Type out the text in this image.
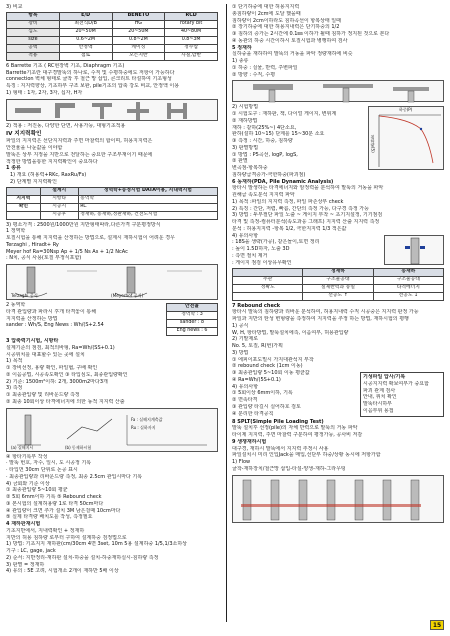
3) 비교
항목	E/D	BENETO	RCD
장비	최전식D/B	HG	rotary bit
심도	20~50M	20~50M	40~80M
size	0.6~2M	0.8~2M	0.8~3M
공벽	안정액	케이싱	정수압
적용	점토	모든지반	사질,암반
6 Barrette 기초 ( RC현장벽 기초, Diaphragm 기초)
Barrette기초란 대구경말뚝의 하나로, 수직 및 수평하중에도 저항이 가능하다
connection 벽체 형태로 굴착 후 철근 망 삽입, 콘크리트 타설하여 기초형성
특징 : 지지력향상, 기초하부 구조 보완, pile기초의 압축 강도 비교, 안정액 이용
1) 형태 : 1자, 2자, 3자, 십자, H자
2) 적용 : 저진동, 다양한 단면, 사용가능, 대형기초적용
IV 지지력확인
파일의 지지력은 선단지지력과 주면 마찰력의 합이며, 허용지지력은
안전율을 나눈값을 이야함
말뚝은 상부 지정을 지반으로 전달하는 중요한 구조부재이기 때문에
적정한 방법을통한 지지력확인이 중요하다
1 종류
1) 개요 (허용력+RKc, RaxRu/Fs)
2) 단계별 지지력확인
	설계시	정역학+동정시험 DATA이용, 지내력시험
지지력	시항타	동역학
확인	시공시	RC
	시공후	정재하, 동재하,정판재하, 건전도시험
3) 평소가격 : 2500원/1000만원 지반형태따라,다른가격 구분평정방식
1 정역학
토질시험을 통해 지지력을 산정하는 방법으로, 설계시 재하시험이 어려운 경우
Terzaghi , Hiradt+ Ry
Meyer hof Ra=30Nsp Ap + 1/5 Ns As + 1/2 NcAc
: N치, 공식 사용(토질 부정식포함)
Terzaghi 공식	(Meyerhof 공식)
2 동역학
타격 관입량과 파라시 후개 타격놓이 통해
지지력을 산정하는 방법
sander : Wh/S, Eng News : Wh/(S+2.54
안전율
정역학 : 3
sander : 8
Eng news : 6
3 압축력기시험, 시항타
설계기준의 점검, 최적의바형, Ra=Wh/(SS+0.1)
시공위치를 대표할수 있는 곳에 설치
1) 목적
① 장비선정, 용량 확인, 파일협, 구배 확인
② 이음공법, 시공속도확인 ③ 타입심도, 최종관입량확인
2) 기준: 1500m²이하: 2개, 3000m2마다3개
3) 측정
① 최종관입량 및 리바운드량 측정
② 최종 10회이상 타격에너지에 의한 동적 지지력 산출
(a) 실해지시	(b) 동제하시험
Fa : 실해지계측값
Ru : 실하자지
④ 항타기록부 작성
· 말뚝 번호, 자수, 일시, 도 시공정 기록
· 타입먼 30cm 단위로 논공 표시
· 최종관입량과 리바운드량 측정, 최종 2.5cm 관입시마다 기록
4) 금회와 기준 이상
① 최종관입량 5~10회 평균
② 5회 6mm이하 기록 ⑤ Rebound check
③ 본시험의 설계허용량 1로 타격 50cm마다
④ 관입량이 크면 추가 설치 3M 남은걸때 10cm마다
⑤ 실제 타격량 배치도를 작성, 측정필요
4 재하판재시험
기초지반에서, 지내력확인 + 정재하
지반의 허용 침하량 로부터 구하여 설계하중 검정법으로
1) 방법: 기초지지 재하판(cm/30cm 4면 3set, 10m 5용 설계하중 1/5,1/3소하상
기구 : LC, gage, jack
2) 순서: 지반정리-재하판 설치-하중을 설치-하중재하실시-침하량 측정
3) 판별 = 정재하
4) 유의 : 5E 고려, 시험개소 2개이 재하반 5배 이상
① 단기하중에 대한 허용지지력
총침하량이 2cm에 도달 했을때
침하량이 2cm이하라도 침하곡선이 항복상태 일때
② 장기하중에 대한 허용지내력은 단기하중의 1/2
③ 침하의 증가는 2시간에 0.1㎜ 이하가 될때 침하가 정지된 것으로 본다
④ 동관의 하중 시간이하시 토질시험과 병행하여 검사
5 정재하
실하중을 재하하여 말뚝의 거동을 파악 정량재하에 비슷
1) 종류
① 하중 : 실물, 반력, 주변파일
② 방향 : 수직, 수평
2) 시험방법
① 시험도구 : 재하판, 잭, 다이얼 게이지, 변위계
② 재하방법
재하 : 같하(25%~) 4단소요,
완하(설하 10~15) 단계를 15~30분 소요
③ 측정 : 시간, 하중, 침하량
3) 판별방법
① 방법 : P5곡선, logP, logS,
② 판별
변곡점-항복하중
침하량급격증가-극한하중(파괴점)
하중(P)
침하량(S)
6 동재하(PDA, Pile Dynamic Analysis)
항타시 발생하는 타격에너지와 암정력을 분석하여 말뚝의 거동을 파악
원해급 속도분석 지지력 파악
1) 목적 :파일의 지지력 측정, 파일 파손상부 check
2) 특징 : 간단, 저렴, 빠름, 간단의 측정 가능, 다구경 측정 가능
3) 방법 : 두부절단 파일 노출 ~ 게이지 부착 ~ 초기지설정, 기기점검
타격 및 측정-컴퓨터분석(속도과응 그래프) 지지력 산출 지지력 측정
분석 : 허용지지력 -항복 1/2, 극한지지력 1/3 적은값
4) 유의사항
: 18S을 생략(가공), 같은놀이,토면 정리
: 높이 1.5D하자, 노출 3D
: 측면 절치 제거
: 게이지 점검 이상유무확인
	정재하	동재하
주관	구조물공대	구조물공대
정확도	실제반력과 동일	타격에너지
	선공도 ↑	선공도 ↓
7 Rebound check
항타시 말뚝의 침하량과 리바운 분석하여, 허용지내력 수직 시공중은 지지력 판정 가능
파일과 지반의 탄성 변형량을 측정하여 지지력을 추정 하는 방법, 재하시험의 평행
1) 공식
W, H, 항타방법, 말뚝설치에측, 이음여부, 허용관입량
2) 기말제로
No. 5, 토질, R(번)가획
3) 방법
① 에피이포도밀시 가지대관석지 부착
② rebound check (1cm 이동)
③ 최종관입량 5~10회 이동 평균값
④ Ra=Wh/(5S+0.1)
4) 유의사항
① 5회이상 6mm이하, 기록
② 면속타격
③ 관입량 타길시 실어하호 검토
④ 분리한 타격공칙
기성파일 압사/기록
시공지지력 확보여부가 중요함
파괴 관계 검사
안내, 위치 확인
말뚝타시하부
이음부위 용접
8 SPLT(Simple Pile Loading Test)
말뚝 설치후 선정(pile)의 자체 반력으로 말뚝의 거동 파악
타이제 지지력, 주면 마찰력 구분하여 평정가능, 공사비 저감
9 생쟁재하시험
대구경, 재하시 말뚝에서 지지력 추정시 사용
파일설치시 미리 인입Jack을 매입,선단부 하중/상황 동시에 저항가함
1) Flow
굴착-재하장치/철근망 삽입-타설-양생-재하-그라우팅
15
